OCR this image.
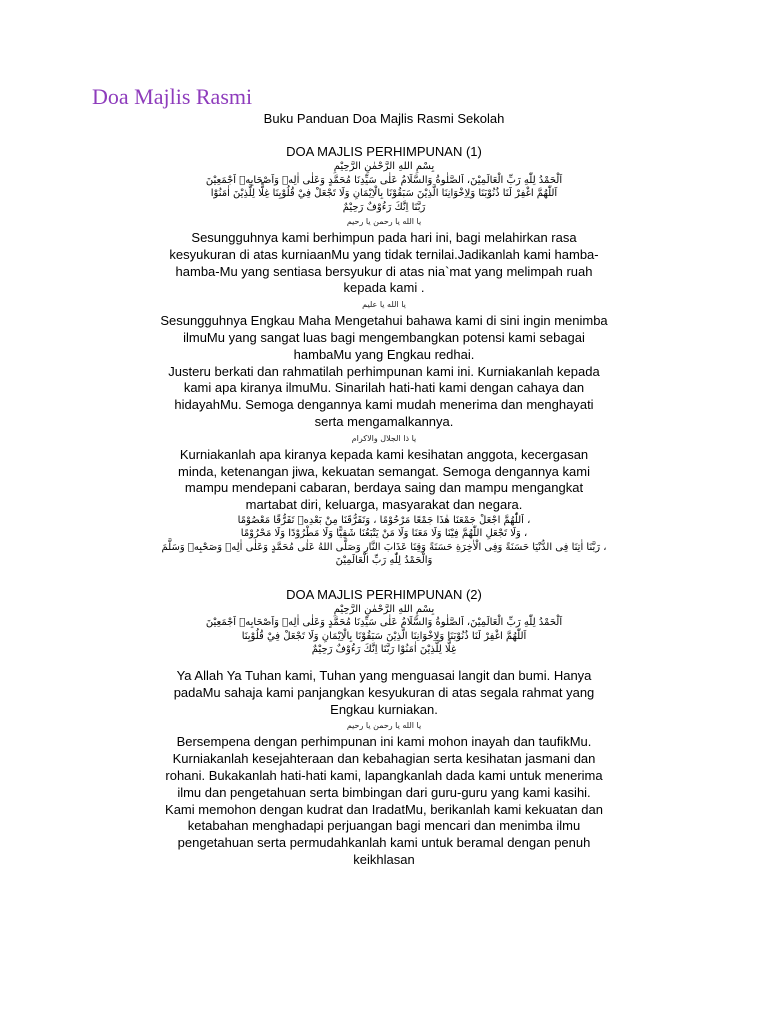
Doa Majlis Rasmi

Buku Panduan Doa Majlis Rasmi Sekolah

DOA MAJLIS PERHIMPUNAN (1)

بِسْمِ اللهِ الرَّحْمٰنِ الرَّحِيْمِ

اَلْحَمْدُ لِلّٰهِ رَبِّ الْعَالَمِيْنَ، اَلصَّلٰوةُ وَالسَّلَامُ عَلٰى سَيِّدِنَا مُحَمَّدٍ وَعَلٰى اٰلِهٖ وَاَصْحَابِهٖ اَجْمَعِيْنَ

اَللّٰهُمَّ اغْفِرْ لَنَا ذُنُوْبَنَا وَلِاِخْوَانِنَا الَّذِيْنَ سَبَقُوْنَا بِالْاِيْمَانِ وَلَا تَجْعَلْ فِيْ قُلُوْبِنَا غِلًّا لِلَّذِيْنَ اٰمَنُوْا

رَبَّنَا اِنَّكَ رَءُوْفٌ رَحِيْمٌ

يا الله يا رحمن يا رحيم

Sesungguhnya kami berhimpun pada hari ini, bagi melahirkan rasa kesyukuran di atas kurniaanMu yang tidak ternilai.Jadikanlah kami hamba-hamba-Mu yang sentiasa bersyukur di atas nia`mat yang melimpah ruah kepada kami .

يا الله يا عليم

Sesungguhnya Engkau Maha Mengetahui bahawa kami di sini ingin menimba ilmuMu yang sangat luas bagi mengembangkan potensi kami sebagai hambaMu yang Engkau redhai.

Justeru berkati dan rahmatilah perhimpunan kami ini. Kurniakanlah kepada kami apa kiranya ilmuMu. Sinarilah hati-hati kami dengan cahaya dan hidayahMu. Semoga dengannya kami mudah menerima dan menghayati serta mengamalkannya.

يا ذا الجلال والاكرام

Kurniakanlah apa kiranya kepada kami kesihatan anggota, kecergasan minda, ketenangan jiwa, kekuatan semangat. Semoga dengannya kami mampu mendepani cabaran, berdaya saing dan mampu mengangkat martabat diri, keluarga, masyarakat dan negara.

، اَللّٰهُمَّ اجْعَلْ جَمْعَنَا هٰذَا جَمْعًا مَرْحُوْمًا ، وَتَفَرُّقَنَا مِنْ بَعْدِهٖ تَفَرُّقًا مَعْصُوْمًا

، وَلَا تَجْعَلِ اللّٰهُمَّ فِيْنَا وَلَا مَعَنَا وَلَا مَنْ يَتْبَعُنَا شَقِيًّا وَلَا مَطْرُوْدًا وَلَا مَحْرُوْمًا

، رَبَّنَا اٰتِنَا فِى الدُّنْيَا حَسَنَةً وَفِى الْاٰخِرَةِ حَسَنَةً وَقِنَا عَذَابَ النَّارِ وَصَلَّى اللهُ عَلٰى مُحَمَّدٍ وَعَلٰى اٰلِهٖ وَصَحْبِهٖ وَسَلَّمَ

وَالْحَمْدُ لِلّٰهِ رَبِّ الْعَالَمِيْنَ

DOA MAJLIS PERHIMPUNAN (2)

بِسْمِ اللهِ الرَّحْمٰنِ الرَّحِيْمِ

اَلْحَمْدُ لِلّٰهِ رَبِّ الْعَالَمِيْنَ، اَلصَّلٰوةُ وَالسَّلَامُ عَلٰى سَيِّدِنَا مُحَمَّدٍ وَعَلٰى اٰلِهٖ وَاَصْحَابِهٖ اَجْمَعِيْنَ

اَللّٰهُمَّ اغْفِرْ لَنَا ذُنُوْبَنَا وَلِاِخْوَانِنَا الَّذِيْنَ سَبَقُوْنَا بِالْاِيْمَانِ وَلَا تَجْعَلْ فِيْ قُلُوْبِنَا

غِلًّا لِلَّذِيْنَ اٰمَنُوْا رَبَّنَا اِنَّكَ رَءُوْفٌ رَحِيْمٌ

Ya Allah Ya Tuhan kami, Tuhan yang menguasai langit dan bumi. Hanya padaMu sahaja kami panjangkan kesyukuran di atas segala rahmat yang Engkau kurniakan.

يا الله يا رحمن يا رحيم

Bersempena dengan perhimpunan ini kami mohon inayah dan taufikMu. Kurniakanlah kesejahteraan dan kebahagian serta kesihatan jasmani dan rohani. Bukakanlah hati-hati kami, lapangkanlah dada kami untuk menerima ilmu dan pengetahuan serta bimbingan dari guru-guru yang kami kasihi.

Kami memohon dengan kudrat dan IradatMu, berikanlah kami kekuatan dan ketabahan menghadapi perjuangan bagi mencari dan menimba ilmu pengetahuan serta permudahkanlah kami untuk beramal dengan penuh keikhlasan
